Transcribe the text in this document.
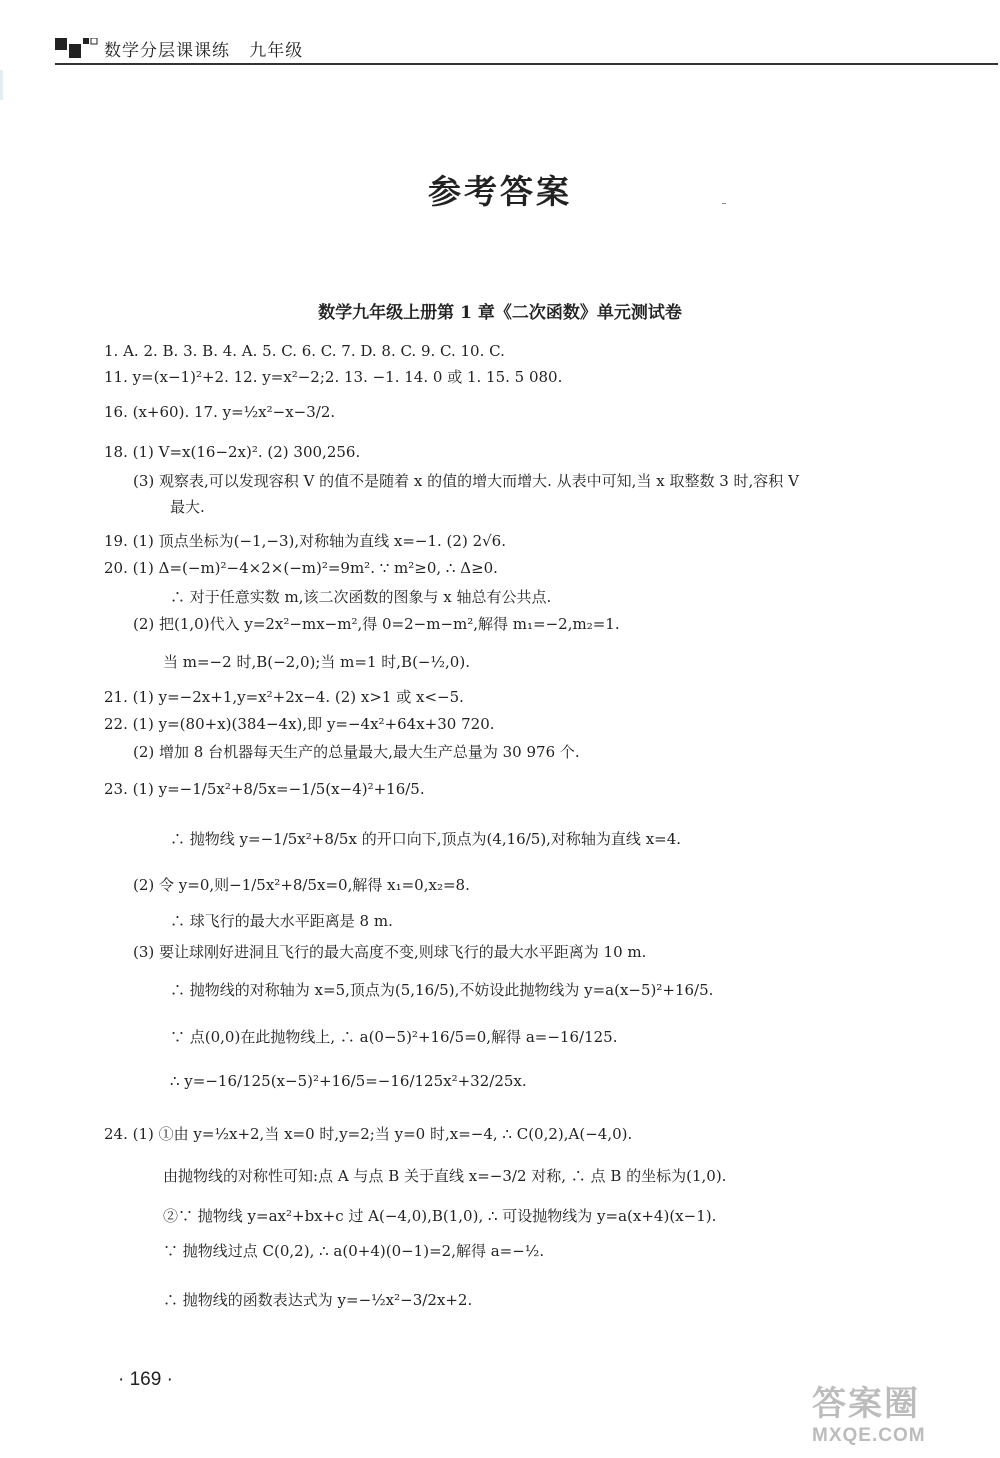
数学分层课课练 九年级
参考答案
数学九年级上册第 1 章《二次函数》单元测试卷
1. A. 2. B. 3. B. 4. A. 5. C. 6. C. 7. D. 8. C. 9. C. 10. C.
11. y=(x−1)²+2. 12. y=x²−2;2. 13. −1. 14. 0 或 1. 15. 5 080.
16. (x+60). 17. y=½x²−x−3/2.
18. (1) V=x(16−2x)². (2) 300,256.
(3) 观察表,可以发现容积 V 的值不是随着 x 的值的增大而增大. 从表中可知,当 x 取整数 3 时,容积 V
最大.
19. (1) 顶点坐标为(−1,−3),对称轴为直线 x=−1. (2) 2√6.
20. (1) Δ=(−m)²−4×2×(−m)²=9m². ∵ m²≥0, ∴ Δ≥0.
∴ 对于任意实数 m,该二次函数的图象与 x 轴总有公共点.
(2) 把(1,0)代入 y=2x²−mx−m²,得 0=2−m−m²,解得 m₁=−2,m₂=1.
当 m=−2 时,B(−2,0);当 m=1 时,B(−½,0).
21. (1) y=−2x+1,y=x²+2x−4. (2) x>1 或 x<−5.
22. (1) y=(80+x)(384−4x),即 y=−4x²+64x+30 720.
(2) 增加 8 台机器每天生产的总量最大,最大生产总量为 30 976 个.
23. (1) y=−1/5x²+8/5x=−1/5(x−4)²+16/5.
∴ 抛物线 y=−1/5x²+8/5x 的开口向下,顶点为(4,16/5),对称轴为直线 x=4.
(2) 令 y=0,则−1/5x²+8/5x=0,解得 x₁=0,x₂=8.
∴ 球飞行的最大水平距离是 8 m.
(3) 要让球刚好进洞且飞行的最大高度不变,则球飞行的最大水平距离为 10 m.
∴ 抛物线的对称轴为 x=5,顶点为(5,16/5),不妨设此抛物线为 y=a(x−5)²+16/5.
∵ 点(0,0)在此抛物线上, ∴ a(0−5)²+16/5=0,解得 a=−16/125.
∴ y=−16/125(x−5)²+16/5=−16/125x²+32/25x.
24. (1) ①由 y=½x+2,当 x=0 时,y=2;当 y=0 时,x=−4, ∴ C(0,2),A(−4,0).
由抛物线的对称性可知:点 A 与点 B 关于直线 x=−3/2 对称, ∴ 点 B 的坐标为(1,0).
②∵ 抛物线 y=ax²+bx+c 过 A(−4,0),B(1,0), ∴ 可设抛物线为 y=a(x+4)(x−1).
∵ 抛物线过点 C(0,2), ∴ a(0+4)(0−1)=2,解得 a=−½.
∴ 抛物线的函数表达式为 y=−½x²−3/2x+2.
· 169 ·
答案圈
MXQE.COM
